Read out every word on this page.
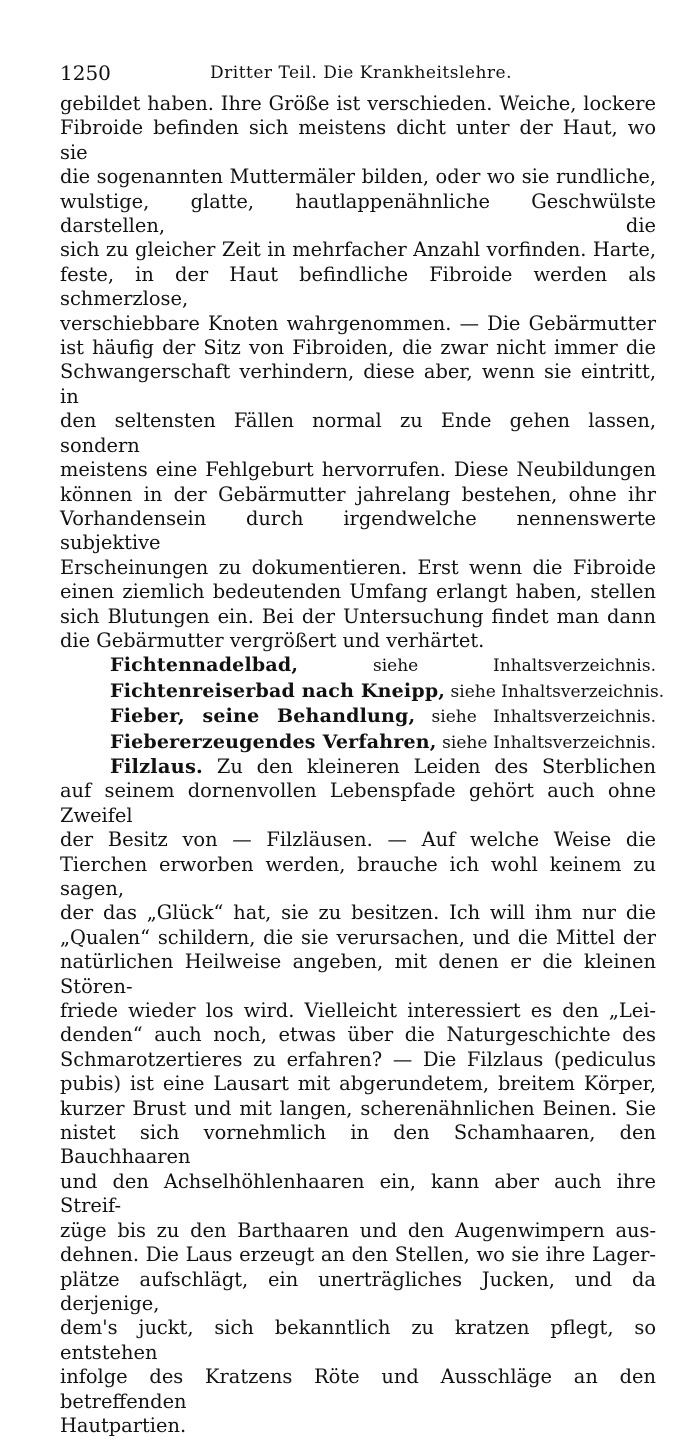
1250	Dritter Teil. Die Krankheitslehre.

gebildet haben. Ihre Größe ist verschieden. Weiche, lockere

Fibroide befinden sich meistens dicht unter der Haut, wo sie

die sogenannten Muttermäler bilden, oder wo sie rundliche,

wulstige, glatte, hautlappenähnliche Geschwülste darstellen, die

sich zu gleicher Zeit in mehrfacher Anzahl vorfinden. Harte,

feste, in der Haut befindliche Fibroide werden als schmerzlose,

verschiebbare Knoten wahrgenommen. — Die Gebärmutter

ist häufig der Sitz von Fibroiden, die zwar nicht immer die

Schwangerschaft verhindern, diese aber, wenn sie eintritt, in

den seltensten Fällen normal zu Ende gehen lassen, sondern

meistens eine Fehlgeburt hervorrufen. Diese Neubildungen

können in der Gebärmutter jahrelang bestehen, ohne ihr

Vorhandensein durch irgendwelche nennenswerte subjektive

Erscheinungen zu dokumentieren. Erst wenn die Fibroide

einen ziemlich bedeutenden Umfang erlangt haben, stellen

sich Blutungen ein. Bei der Untersuchung findet man dann

die Gebärmutter vergrößert und verhärtet.

Fichtennadelbad, siehe Inhaltsverzeichnis.

Fichtenreiserbad nach Kneipp, siehe Inhaltsverzeichnis.

Fieber, seine Behandlung, siehe Inhaltsverzeichnis.

Fiebererzeugendes Verfahren, siehe Inhaltsverzeichnis.

Filzlaus. Zu den kleineren Leiden des Sterblichen

auf seinem dornenvollen Lebenspfade gehört auch ohne Zweifel

der Besitz von — Filzläusen. — Auf welche Weise die

Tierchen erworben werden, brauche ich wohl keinem zu sagen,

der das „Glück“ hat, sie zu besitzen. Ich will ihm nur die

„Qualen“ schildern, die sie verursachen, und die Mittel der

natürlichen Heilweise angeben, mit denen er die kleinen Stören-

friede wieder los wird. Vielleicht interessiert es den „Lei-

denden“ auch noch, etwas über die Naturgeschichte des

Schmarotzertieres zu erfahren? — Die Filzlaus (pediculus

pubis) ist eine Lausart mit abgerundetem, breitem Körper,

kurzer Brust und mit langen, scherenähnlichen Beinen. Sie

nistet sich vornehmlich in den Schamhaaren, den Bauchhaaren

und den Achselhöhlenhaaren ein, kann aber auch ihre Streif-

züge bis zu den Barthaaren und den Augenwimpern aus-

dehnen. Die Laus erzeugt an den Stellen, wo sie ihre Lager-

plätze aufschlägt, ein unerträgliches Jucken, und da derjenige,

dem's juckt, sich bekanntlich zu kratzen pflegt, so entstehen

infolge des Kratzens Röte und Ausschläge an den betreffenden

Hautpartien.
